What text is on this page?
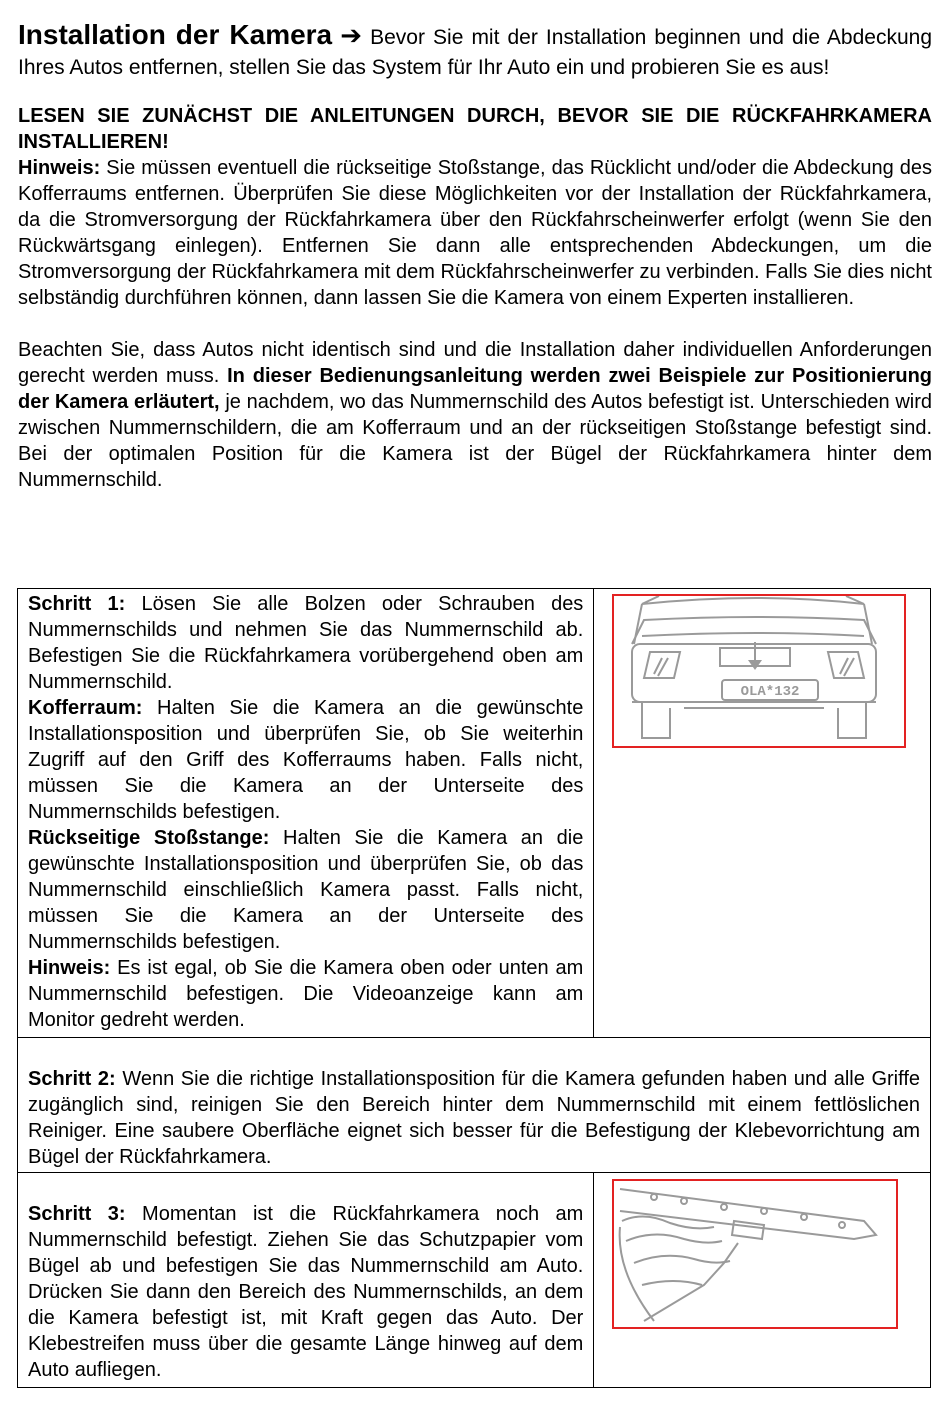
Installation der Kamera ➔ Bevor Sie mit der Installation beginnen und die Abdeckung Ihres Autos entfernen, stellen Sie das System für Ihr Auto ein und probieren Sie es aus!

LESEN SIE ZUNÄCHST DIE ANLEITUNGEN DURCH, BEVOR SIE DIE RÜCKFAHRKAMERA INSTALLIEREN!

Hinweis: Sie müssen eventuell die rückseitige Stoßstange, das Rücklicht und/oder die Abdeckung des Kofferraums entfernen. Überprüfen Sie diese Möglichkeiten vor der Installation der Rückfahrkamera, da die Stromversorgung der Rückfahrkamera über den Rückfahrscheinwerfer erfolgt (wenn Sie den Rückwärtsgang einlegen). Entfernen Sie dann alle entsprechenden Abdeckungen, um die Stromversorgung der Rückfahrkamera mit dem Rückfahrscheinwerfer zu verbinden. Falls Sie dies nicht selbständig durchführen können, dann lassen Sie die Kamera von einem Experten installieren.

Beachten Sie, dass Autos nicht identisch sind und die Installation daher individuellen Anforderungen gerecht werden muss. In dieser Bedienungsanleitung werden zwei Beispiele zur Positionierung der Kamera erläutert, je nachdem, wo das Nummernschild des Autos befestigt ist. Unterschieden wird zwischen Nummernschildern, die am Kofferraum und an der rückseitigen Stoßstange befestigt sind. Bei der optimalen Position für die Kamera ist der Bügel der Rückfahrkamera hinter dem Nummernschild.

Schritt 1: Lösen Sie alle Bolzen oder Schrauben des Nummernschilds und nehmen Sie das Nummernschild ab. Befestigen Sie die Rückfahrkamera vorübergehend oben am Nummernschild.
Kofferraum: Halten Sie die Kamera an die gewünschte Installationsposition und überprüfen Sie, ob Sie weiterhin Zugriff auf den Griff des Kofferraums haben. Falls nicht, müssen Sie die Kamera an der Unterseite des Nummernschilds befestigen.
Rückseitige Stoßstange: Halten Sie die Kamera an die gewünschte Installationsposition und überprüfen Sie, ob das Nummernschild einschließlich Kamera passt. Falls nicht, müssen Sie die Kamera an der Unterseite des Nummernschilds befestigen.
Hinweis: Es ist egal, ob Sie die Kamera oben oder unten am Nummernschild befestigen. Die Videoanzeige kann am Monitor gedreht werden.	OLA*132

Schritt 2: Wenn Sie die richtige Installationsposition für die Kamera gefunden haben und alle Griffe zugänglich sind, reinigen Sie den Bereich hinter dem Nummernschild mit einem fettlöslichen Reiniger. Eine saubere Oberfläche eignet sich besser für die Befestigung der Klebevorrichtung am Bügel der Rückfahrkamera.	
Schritt 3: Momentan ist die Rückfahrkamera noch am Nummernschild befestigt. Ziehen Sie das Schutzpapier vom Bügel ab und befestigen Sie das Nummernschild am Auto. Drücken Sie dann den Bereich des Nummernschilds, an dem die Kamera befestigt ist, mit Kraft gegen das Auto. Der Klebestreifen muss über die gesamte Länge hinweg auf dem Auto aufliegen.	
